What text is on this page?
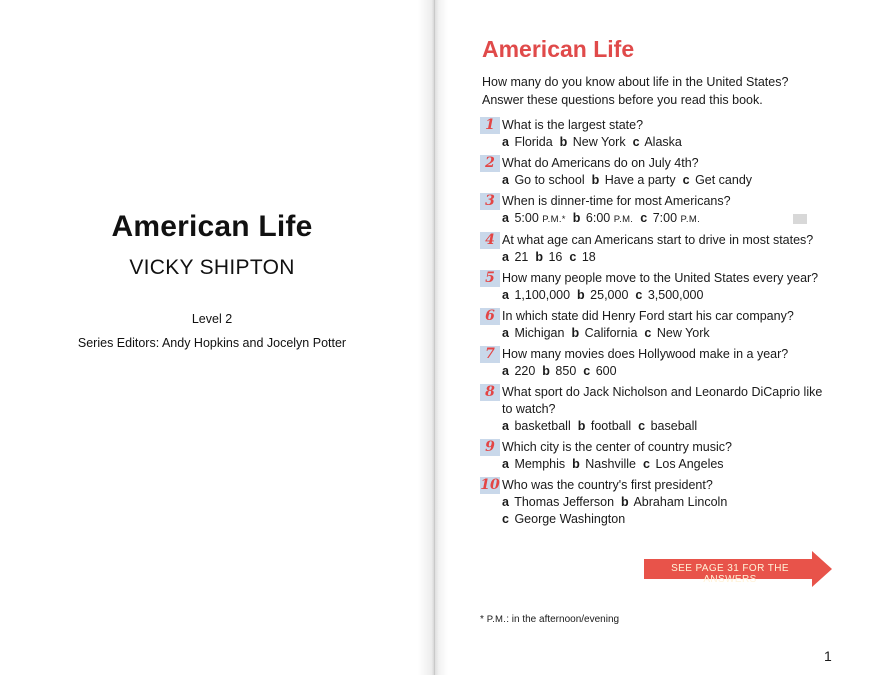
American Life
VICKY SHIPTON
Level 2
Series Editors: Andy Hopkins and Jocelyn Potter
American Life
How many do you know about life in the United States? Answer these questions before you read this book.
1 What is the largest state?
a Florida b New York c Alaska
2 What do Americans do on July 4th?
a Go to school b Have a party c Get candy
3 When is dinner-time for most Americans?
a 5:00 P.M.* b 6:00 P.M. c 7:00 P.M.
4 At what age can Americans start to drive in most states?
a 21 b 16 c 18
5 How many people move to the United States every year?
a 1,100,000 b 25,000 c 3,500,000
6 In which state did Henry Ford start his car company?
a Michigan b California c New York
7 How many movies does Hollywood make in a year?
a 220 b 850 c 600
8 What sport do Jack Nicholson and Leonardo DiCaprio like to watch?
a basketball b football c baseball
9 Which city is the center of country music?
a Memphis b Nashville c Los Angeles
10 Who was the country's first president?
a Thomas Jefferson b Abraham Lincoln
c George Washington
SEE PAGE 31 FOR THE ANSWERS
* P.M.: in the afternoon/evening
1
